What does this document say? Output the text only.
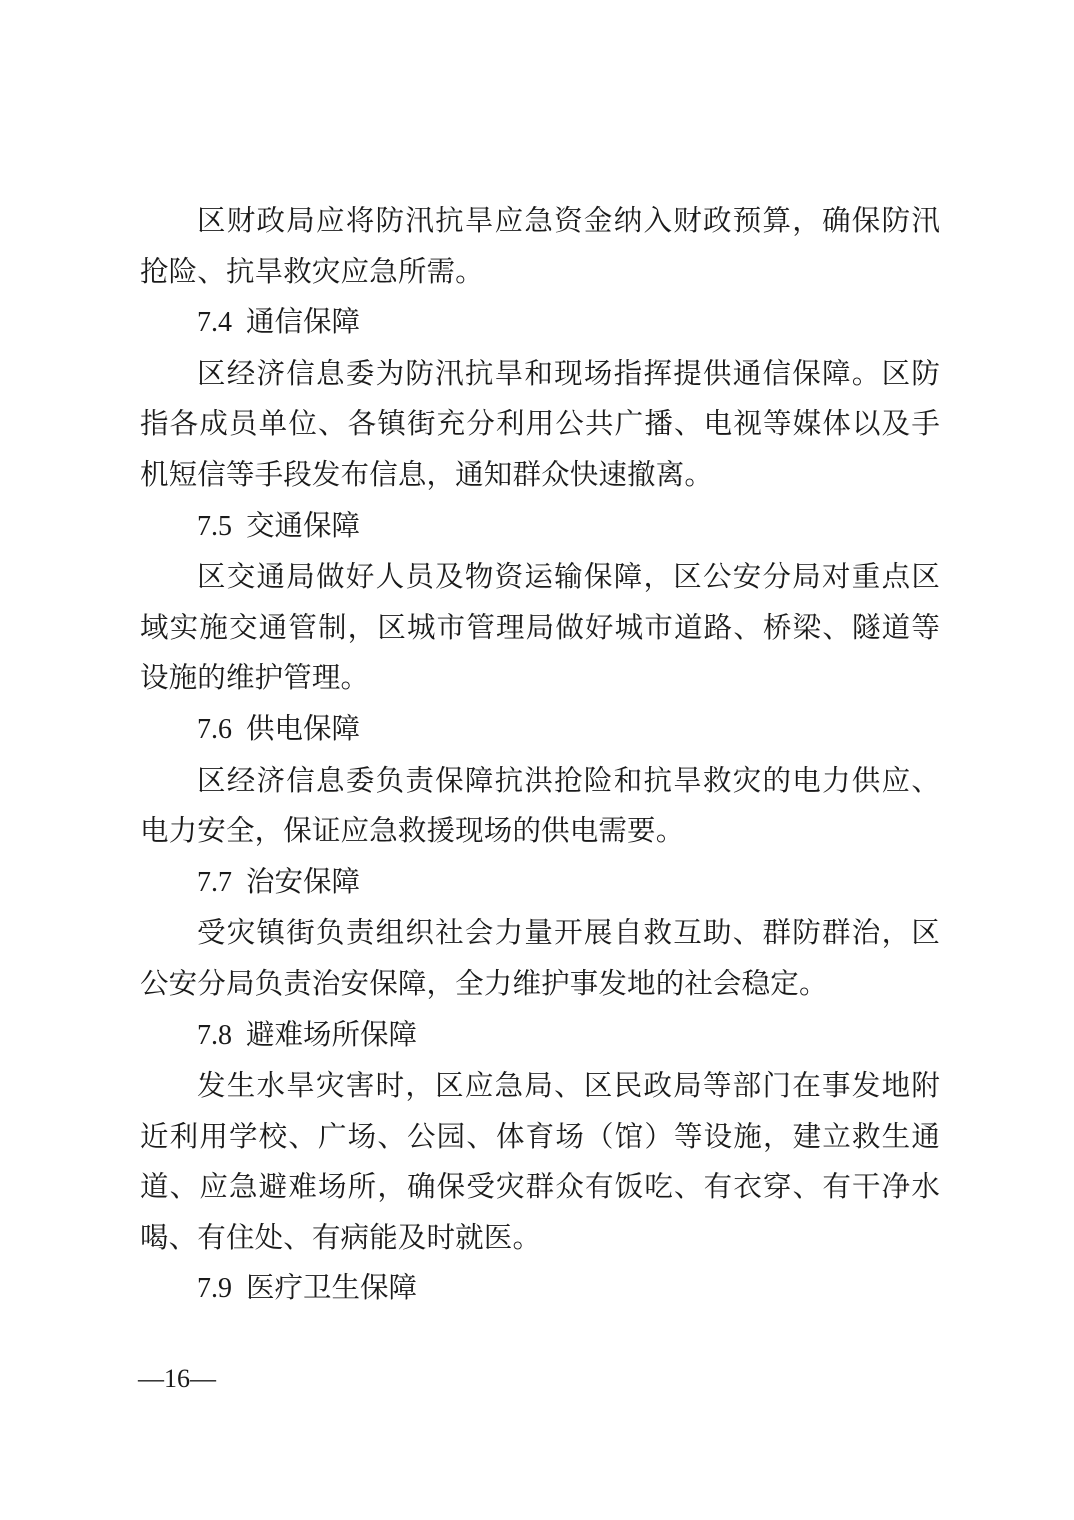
区财政局应将防汛抗旱应急资金纳入财政预算，确保防汛抢险、抗旱救灾应急所需。

7.4 通信保障

区经济信息委为防汛抗旱和现场指挥提供通信保障。区防指各成员单位、各镇街充分利用公共广播、电视等媒体以及手机短信等手段发布信息，通知群众快速撤离。

7.5 交通保障

区交通局做好人员及物资运输保障，区公安分局对重点区域实施交通管制，区城市管理局做好城市道路、桥梁、隧道等设施的维护管理。

7.6 供电保障

区经济信息委负责保障抗洪抢险和抗旱救灾的电力供应、电力安全，保证应急救援现场的供电需要。

7.7 治安保障

受灾镇街负责组织社会力量开展自救互助、群防群治，区公安分局负责治安保障，全力维护事发地的社会稳定。

7.8 避难场所保障

发生水旱灾害时，区应急局、区民政局等部门在事发地附近利用学校、广场、公园、体育场（馆）等设施，建立救生通道、应急避难场所，确保受灾群众有饭吃、有衣穿、有干净水喝、有住处、有病能及时就医。

7.9 医疗卫生保障

—16—
